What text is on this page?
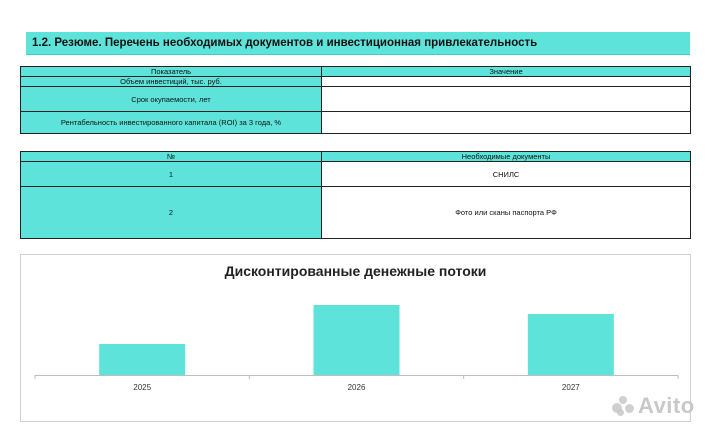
1.2. Резюме. Перечень необходимых документов и инвестиционная привлекательность
Показатель	Значение
Объем инвестиций, тыс. руб.	
Срок окупаемости, лет	
Рентабельность инвестированного капитала (ROI) за 3 года, %	
№	Необходимые документы
1	СНИЛС
2	Фото или сканы паспорта РФ
Дисконтированные денежные потоки
2025	2026	2027
Avito
